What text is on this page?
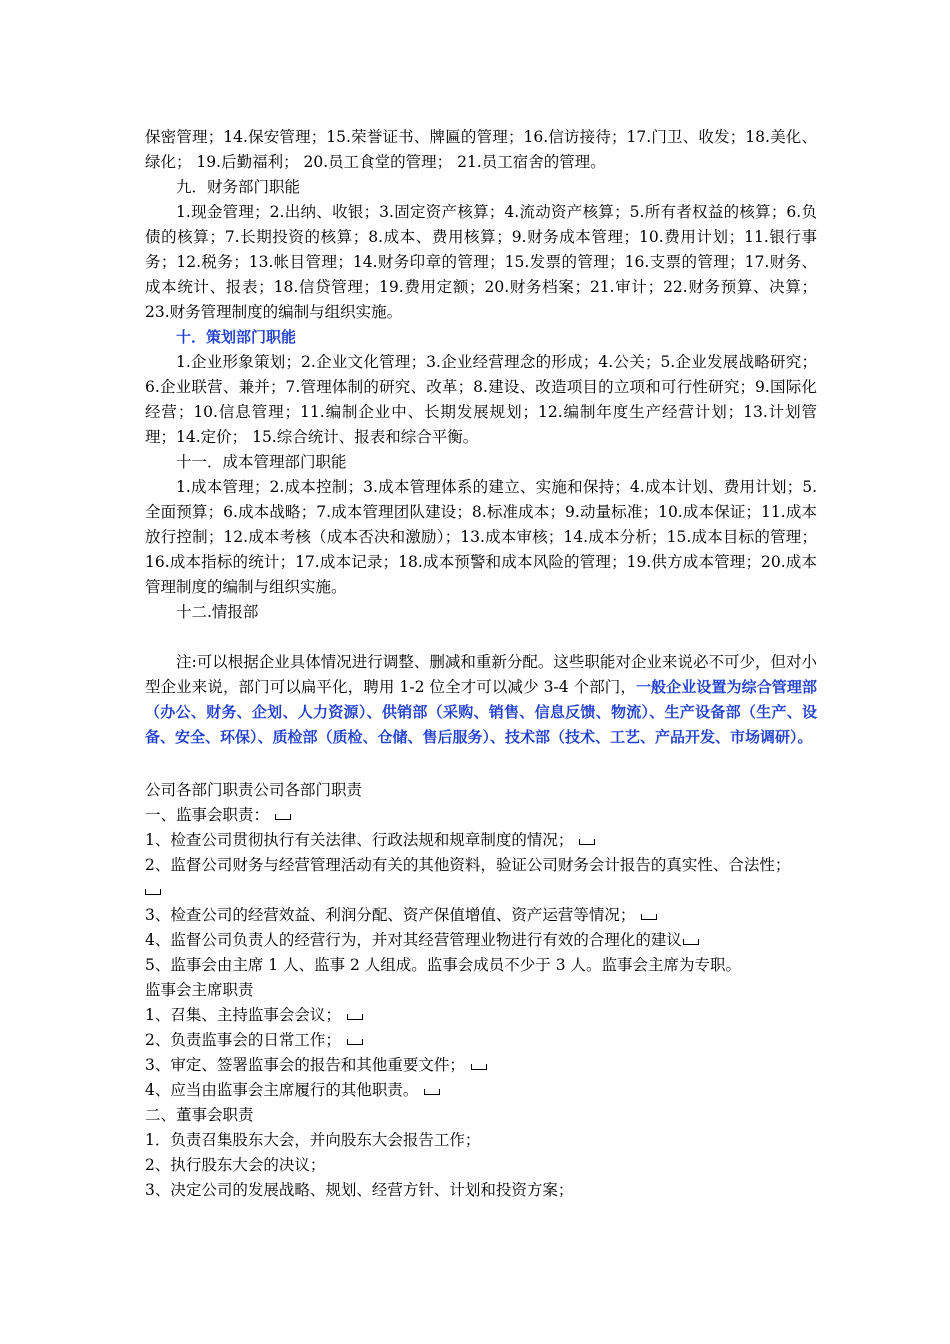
保密管理；14.保安管理；15.荣誉证书、牌匾的管理；16.信访接待；17.门卫、收发；18.美化、绿化； 19.后勤福利； 20.员工食堂的管理； 21.员工宿舍的管理。

九．财务部门职能

1.现金管理；2.出纳、收银；3.固定资产核算；4.流动资产核算；5.所有者权益的核算；6.负债的核算；7.长期投资的核算；8.成本、费用核算；9.财务成本管理；10.费用计划；11.银行事务；12.税务；13.帐目管理；14.财务印章的管理；15.发票的管理；16.支票的管理；17.财务、成本统计、报表；18.信贷管理；19.费用定额；20.财务档案；21.审计；22.财务预算、决算；23.财务管理制度的编制与组织实施。

十．策划部门职能

1.企业形象策划；2.企业文化管理；3.企业经营理念的形成；4.公关；5.企业发展战略研究；6.企业联营、兼并；7.管理体制的研究、改革；8.建设、改造项目的立项和可行性研究；9.国际化经营；10.信息管理；11.编制企业中、长期发展规划；12.编制年度生产经营计划；13.计划管理；14.定价； 15.综合统计、报表和综合平衡。

十一．成本管理部门职能

1.成本管理；2.成本控制；3.成本管理体系的建立、实施和保持；4.成本计划、费用计划；5.全面预算；6.成本战略；7.成本管理团队建设；8.标准成本；9.动量标准；10.成本保证；11.成本放行控制；12.成本考核（成本否决和激励）；13.成本审核；14.成本分析；15.成本目标的管理；16.成本指标的统计；17.成本记录；18.成本预警和成本风险的管理；19.供方成本管理；20.成本管理制度的编制与组织实施。

十二.情报部

注:可以根据企业具体情况进行调整、删减和重新分配。这些职能对企业来说必不可少，但对小型企业来说，部门可以扁平化，聘用 1-2 位全才可以减少 3-4 个部门，一般企业设置为综合管理部（办公、财务、企划、人力资源）、供销部（采购、销售、信息反馈、物流）、生产设备部（生产、设备、安全、环保）、质检部（质检、仓储、售后服务）、技术部（技术、工艺、产品开发、市场调研）。

公司各部门职责公司各部门职责

一、监事会职责：

1、检查公司贯彻执行有关法律、行政法规和规章制度的情况；

2、监督公司财务与经营管理活动有关的其他资料，验证公司财务会计报告的真实性、合法性；

3、检查公司的经营效益、利润分配、资产保值增值、资产运营等情况；

4、监督公司负责人的经营行为，并对其经营管理业物进行有效的合理化的建议

5、监事会由主席 1 人、监事 2 人组成。监事会成员不少于 3 人。监事会主席为专职。

监事会主席职责

1、召集、主持监事会会议；

2、负责监事会的日常工作；

3、审定、签署监事会的报告和其他重要文件；

4、应当由监事会主席履行的其他职责。

二、董事会职责

1．负责召集股东大会，并向股东大会报告工作；

2、执行股东大会的决议；

3、决定公司的发展战略、规划、经营方针、计划和投资方案；
